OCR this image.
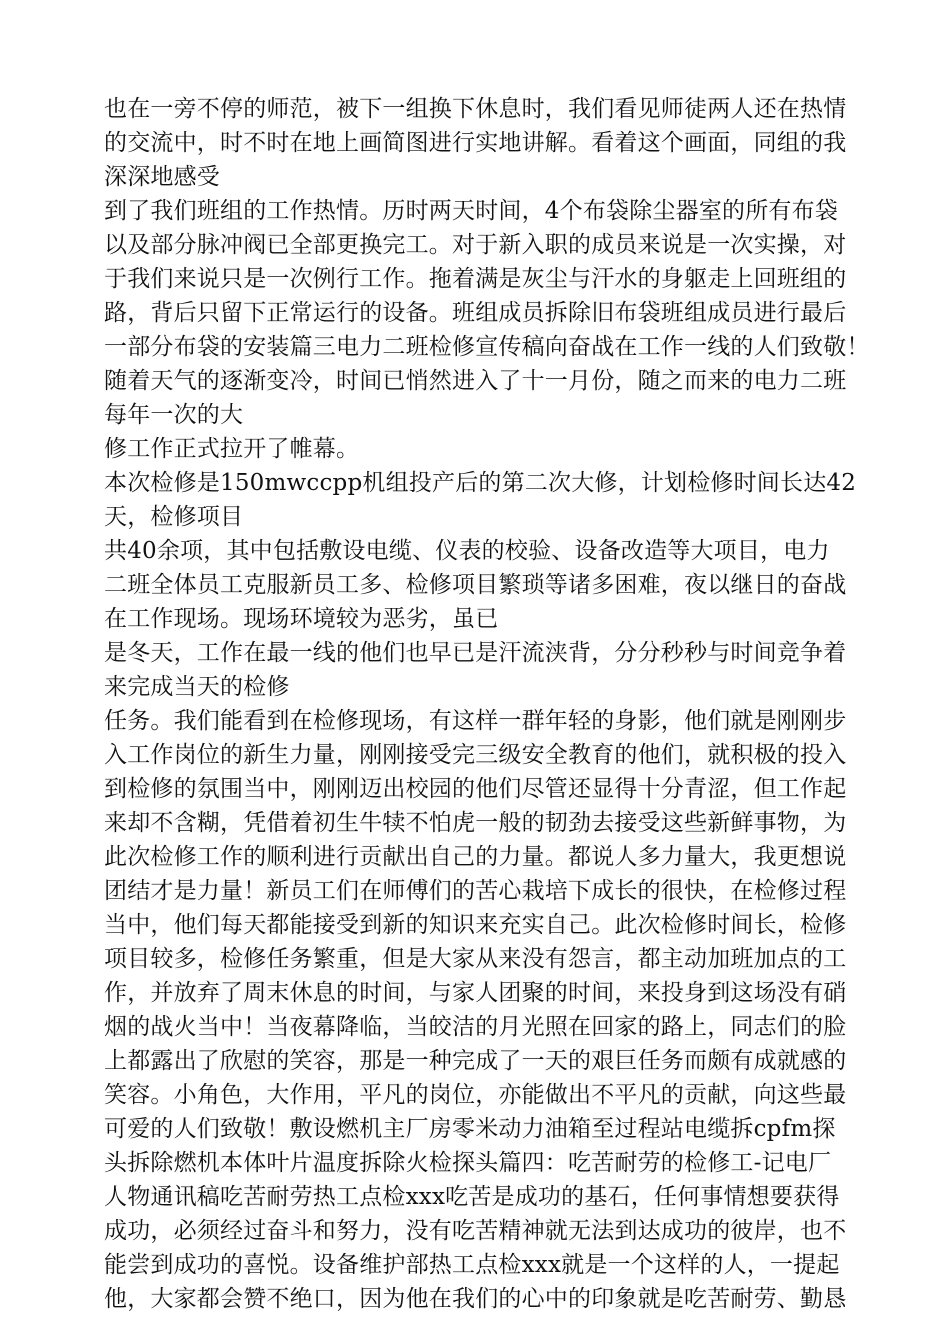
也在一旁不停的师范，被下一组换下休息时，我们看见师徒两人还在热情
的交流中，时不时在地上画简图进行实地讲解。看着这个画面，同组的我
深深地感受
到了我们班组的工作热情。历时两天时间，4个布袋除尘器室的所有布袋
以及部分脉冲阀已全部更换完工。对于新入职的成员来说是一次实操，对
于我们来说只是一次例行工作。拖着满是灰尘与汗水的身躯走上回班组的
路，背后只留下正常运行的设备。班组成员拆除旧布袋班组成员进行最后
一部分布袋的安装篇三电力二班检修宣传稿向奋战在工作一线的人们致敬！
随着天气的逐渐变冷，时间已悄然进入了十一月份，随之而来的电力二班
每年一次的大
修工作正式拉开了帷幕。
本次检修是150mwccpp机组投产后的第二次大修，计划检修时间长达42
天，检修项目
共40余项，其中包括敷设电缆、仪表的校验、设备改造等大项目，电力
二班全体员工克服新员工多、检修项目繁琐等诸多困难，夜以继日的奋战
在工作现场。现场环境较为恶劣，虽已
是冬天，工作在最一线的他们也早已是汗流浃背，分分秒秒与时间竞争着
来完成当天的检修
任务。我们能看到在检修现场，有这样一群年轻的身影，他们就是刚刚步
入工作岗位的新生力量，刚刚接受完三级安全教育的他们，就积极的投入
到检修的氛围当中，刚刚迈出校园的他们尽管还显得十分青涩，但工作起
来却不含糊，凭借着初生牛犊不怕虎一般的韧劲去接受这些新鲜事物，为
此次检修工作的顺利进行贡献出自己的力量。都说人多力量大，我更想说
团结才是力量！新员工们在师傅们的苦心栽培下成长的很快，在检修过程
当中，他们每天都能接受到新的知识来充实自己。此次检修时间长，检修
项目较多，检修任务繁重，但是大家从来没有怨言，都主动加班加点的工
作，并放弃了周末休息的时间，与家人团聚的时间，来投身到这场没有硝
烟的战火当中！当夜幕降临，当皎洁的月光照在回家的路上，同志们的脸
上都露出了欣慰的笑容，那是一种完成了一天的艰巨任务而颇有成就感的
笑容。小角色，大作用，平凡的岗位，亦能做出不平凡的贡献，向这些最
可爱的人们致敬！敷设燃机主厂房零米动力油箱至过程站电缆拆cpfm探
头拆除燃机本体叶片温度拆除火检探头篇四：吃苦耐劳的检修工-记电厂
人物通讯稿吃苦耐劳热工点检xxx吃苦是成功的基石，任何事情想要获得
成功，必须经过奋斗和努力，没有吃苦精神就无法到达成功的彼岸，也不
能尝到成功的喜悦。设备维护部热工点检xxx就是一个这样的人，一提起
他，大家都会赞不绝口，因为他在我们的心中的印象就是吃苦耐劳、勤恳
